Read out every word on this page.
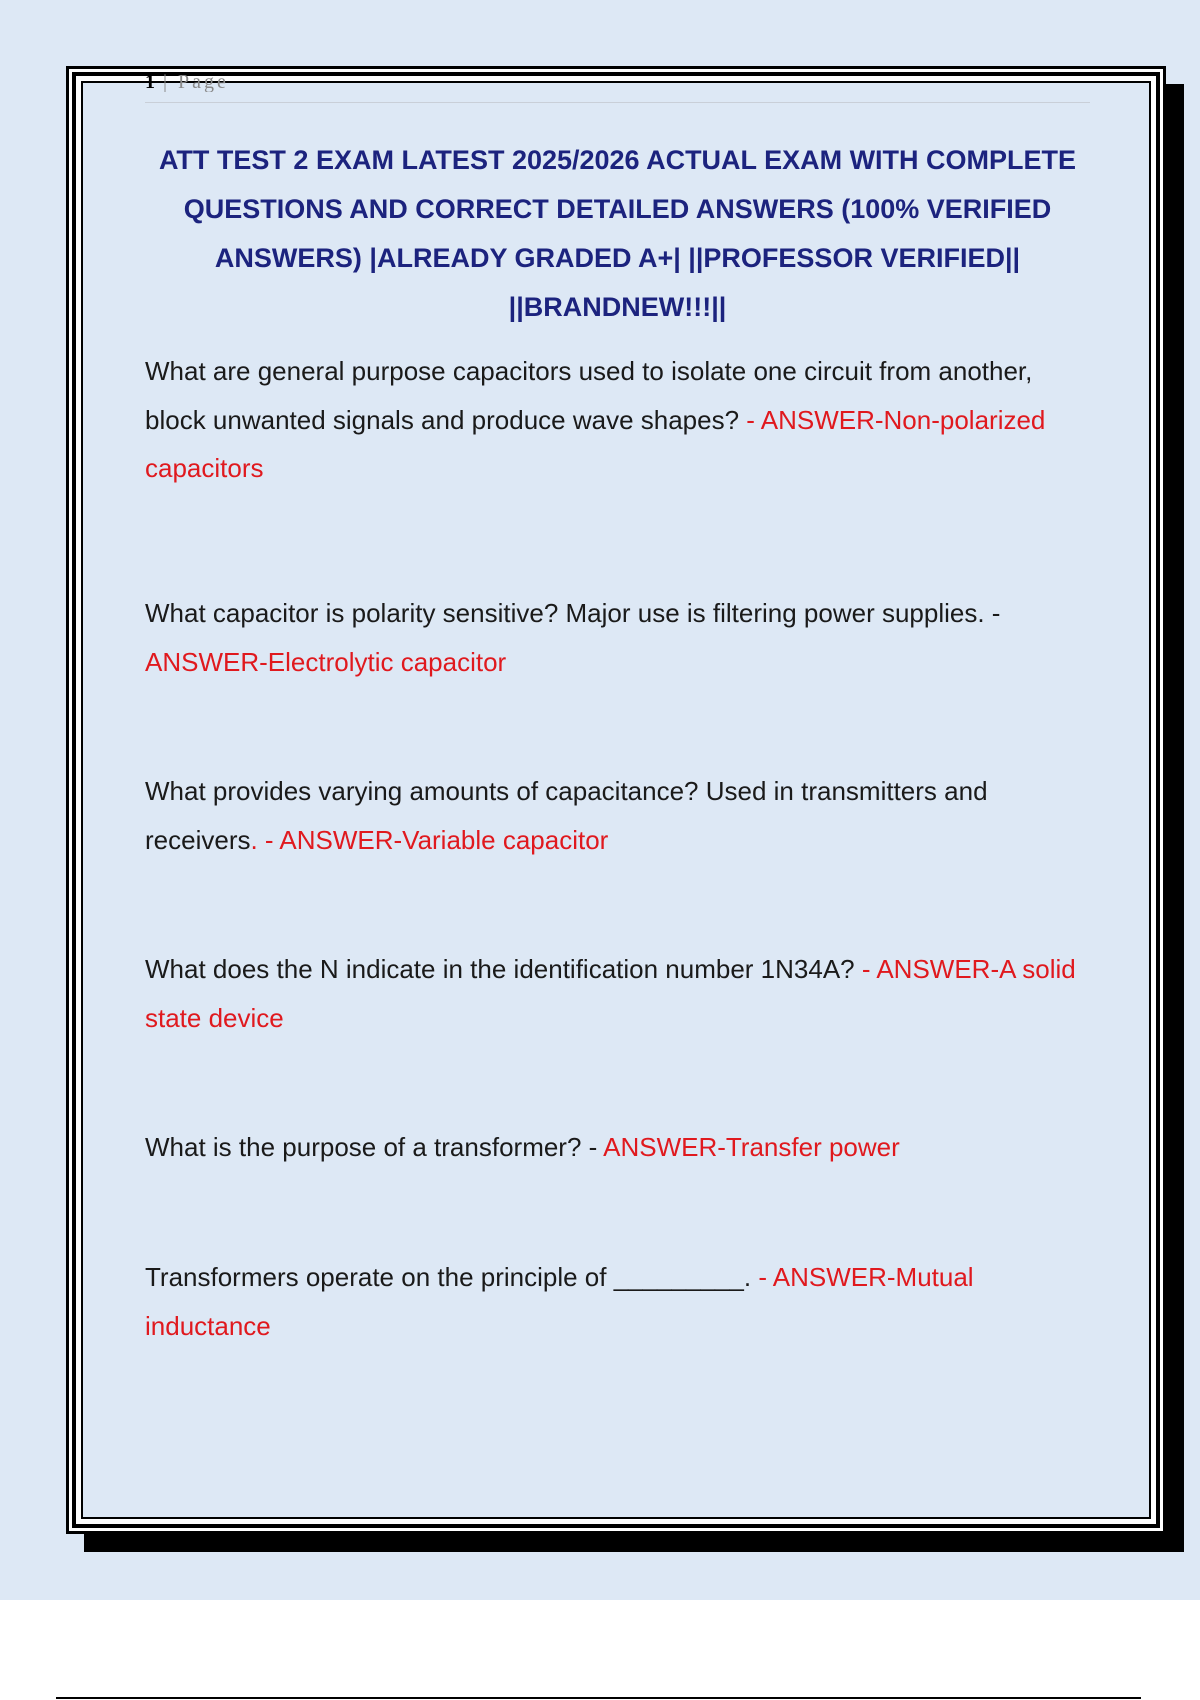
1 | Page
ATT TEST 2 EXAM LATEST 2025/2026 ACTUAL EXAM WITH COMPLETE QUESTIONS AND CORRECT DETAILED ANSWERS (100% VERIFIED ANSWERS) |ALREADY GRADED A+| ||PROFESSOR VERIFIED|| ||BRANDNEW!!!||
What are general purpose capacitors used to isolate one circuit from another, block unwanted signals and produce wave shapes? - ANSWER-Non-polarized capacitors
What capacitor is polarity sensitive? Major use is filtering power supplies. - ANSWER-Electrolytic capacitor
What provides varying amounts of capacitance? Used in transmitters and receivers. - ANSWER-Variable capacitor
What does the N indicate in the identification number 1N34A? - ANSWER-A solid state device
What is the purpose of a transformer? - ANSWER-Transfer power
Transformers operate on the principle of _________. - ANSWER-Mutual inductance
